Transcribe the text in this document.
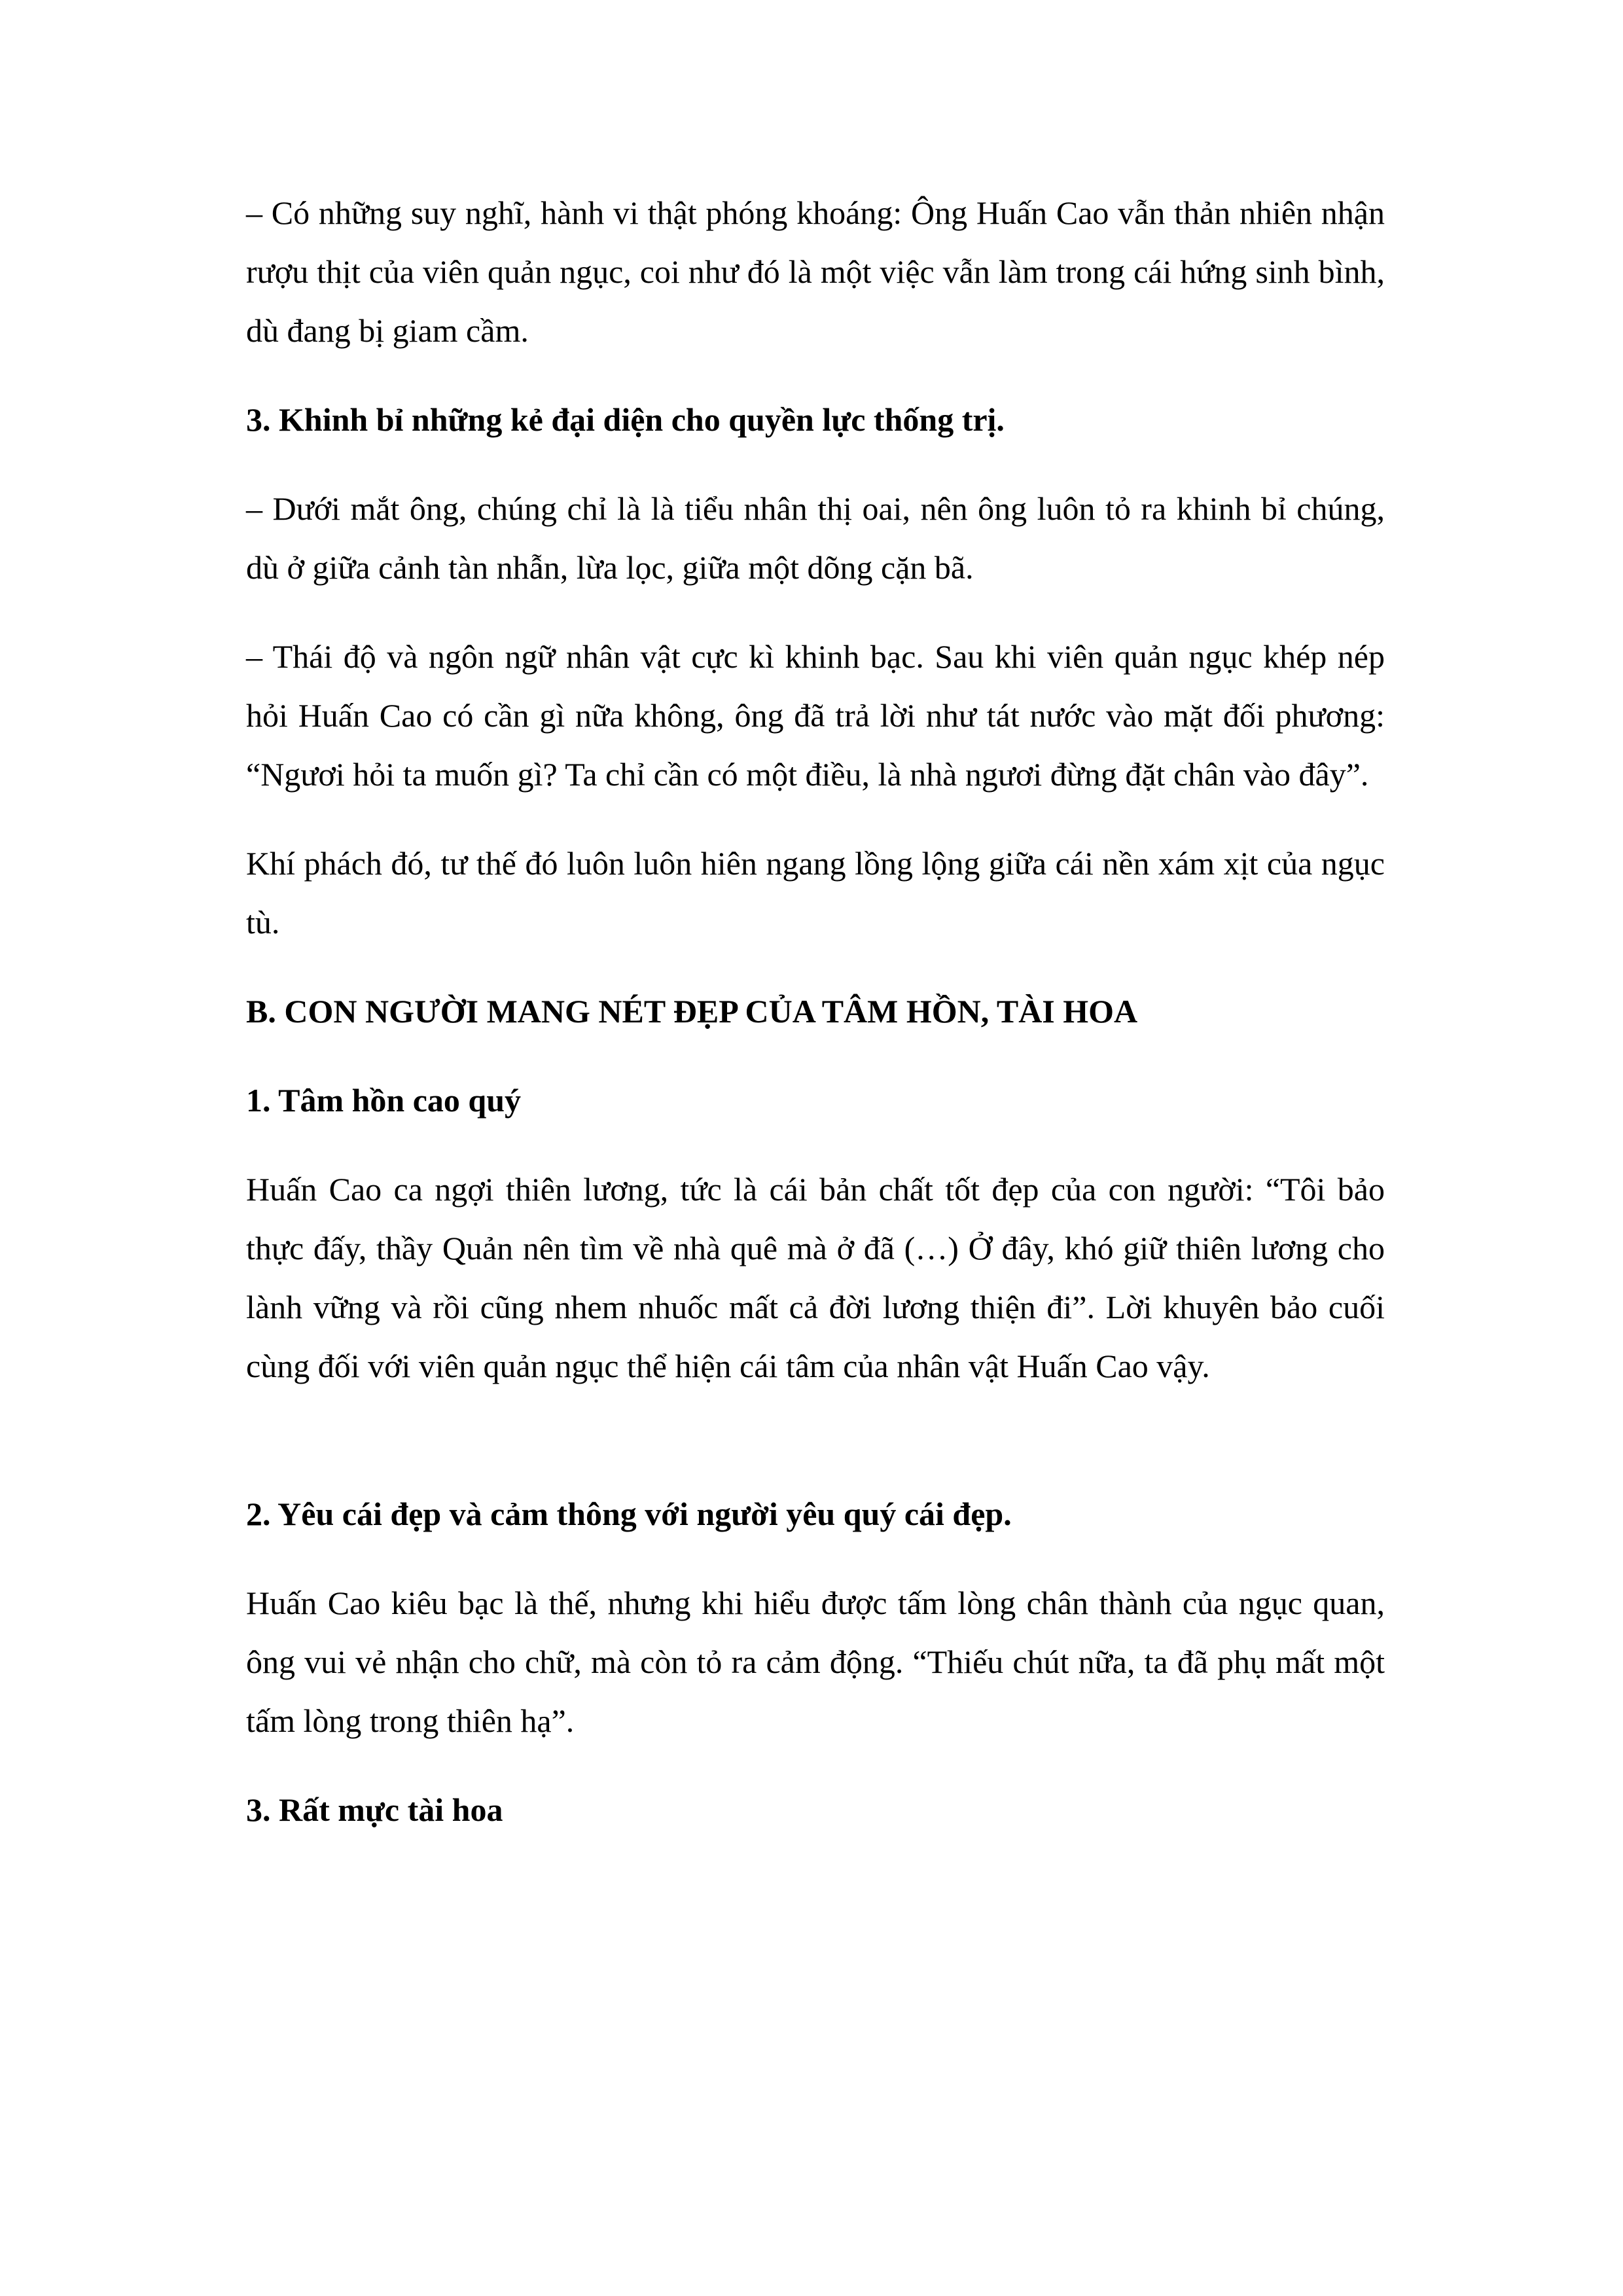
– Có những suy nghĩ, hành vi thật phóng khoáng: Ông Huấn Cao vẫn thản nhiên nhận rượu thịt của viên quản ngục, coi như đó là một việc vẫn làm trong cái hứng sinh bình, dù đang bị giam cầm.

3. Khinh bỉ những kẻ đại diện cho quyền lực thống trị.

– Dưới mắt ông, chúng chỉ là là tiểu nhân thị oai, nên ông luôn tỏ ra khinh bỉ chúng, dù ở giữa cảnh tàn nhẫn, lừa lọc, giữa một dõng cặn bã.

– Thái độ và ngôn ngữ nhân vật cực kì khinh bạc. Sau khi viên quản ngục khép nép hỏi Huấn Cao có cần gì nữa không, ông đã trả lời như tát nước vào mặt đối phương: “Ngươi hỏi ta muốn gì? Ta chỉ cần có một điều, là nhà ngươi đừng đặt chân vào đây”.

Khí phách đó, tư thế đó luôn luôn hiên ngang lồng lộng giữa cái nền xám xịt của ngục tù.

B. CON NGƯỜI MANG NÉT ĐẸP CỦA TÂM HỒN, TÀI HOA

1. Tâm hồn cao quý

Huấn Cao ca ngợi thiên lương, tức là cái bản chất tốt đẹp của con người: “Tôi bảo thực đấy, thầy Quản nên tìm về nhà quê mà ở đã (…) Ở đây, khó giữ thiên lương cho lành vững và rồi cũng nhem nhuốc mất cả đời lương thiện đi”. Lời khuyên bảo cuối cùng đối với viên quản ngục thể hiện cái tâm của nhân vật Huấn Cao vậy.

2. Yêu cái đẹp và cảm thông với người yêu quý cái đẹp.

Huấn Cao kiêu bạc là thế, nhưng khi hiểu được tấm lòng chân thành của ngục quan, ông vui vẻ nhận cho chữ, mà còn tỏ ra cảm động. “Thiếu chút nữa, ta đã phụ mất một tấm lòng trong thiên hạ”.

3. Rất mực tài hoa
